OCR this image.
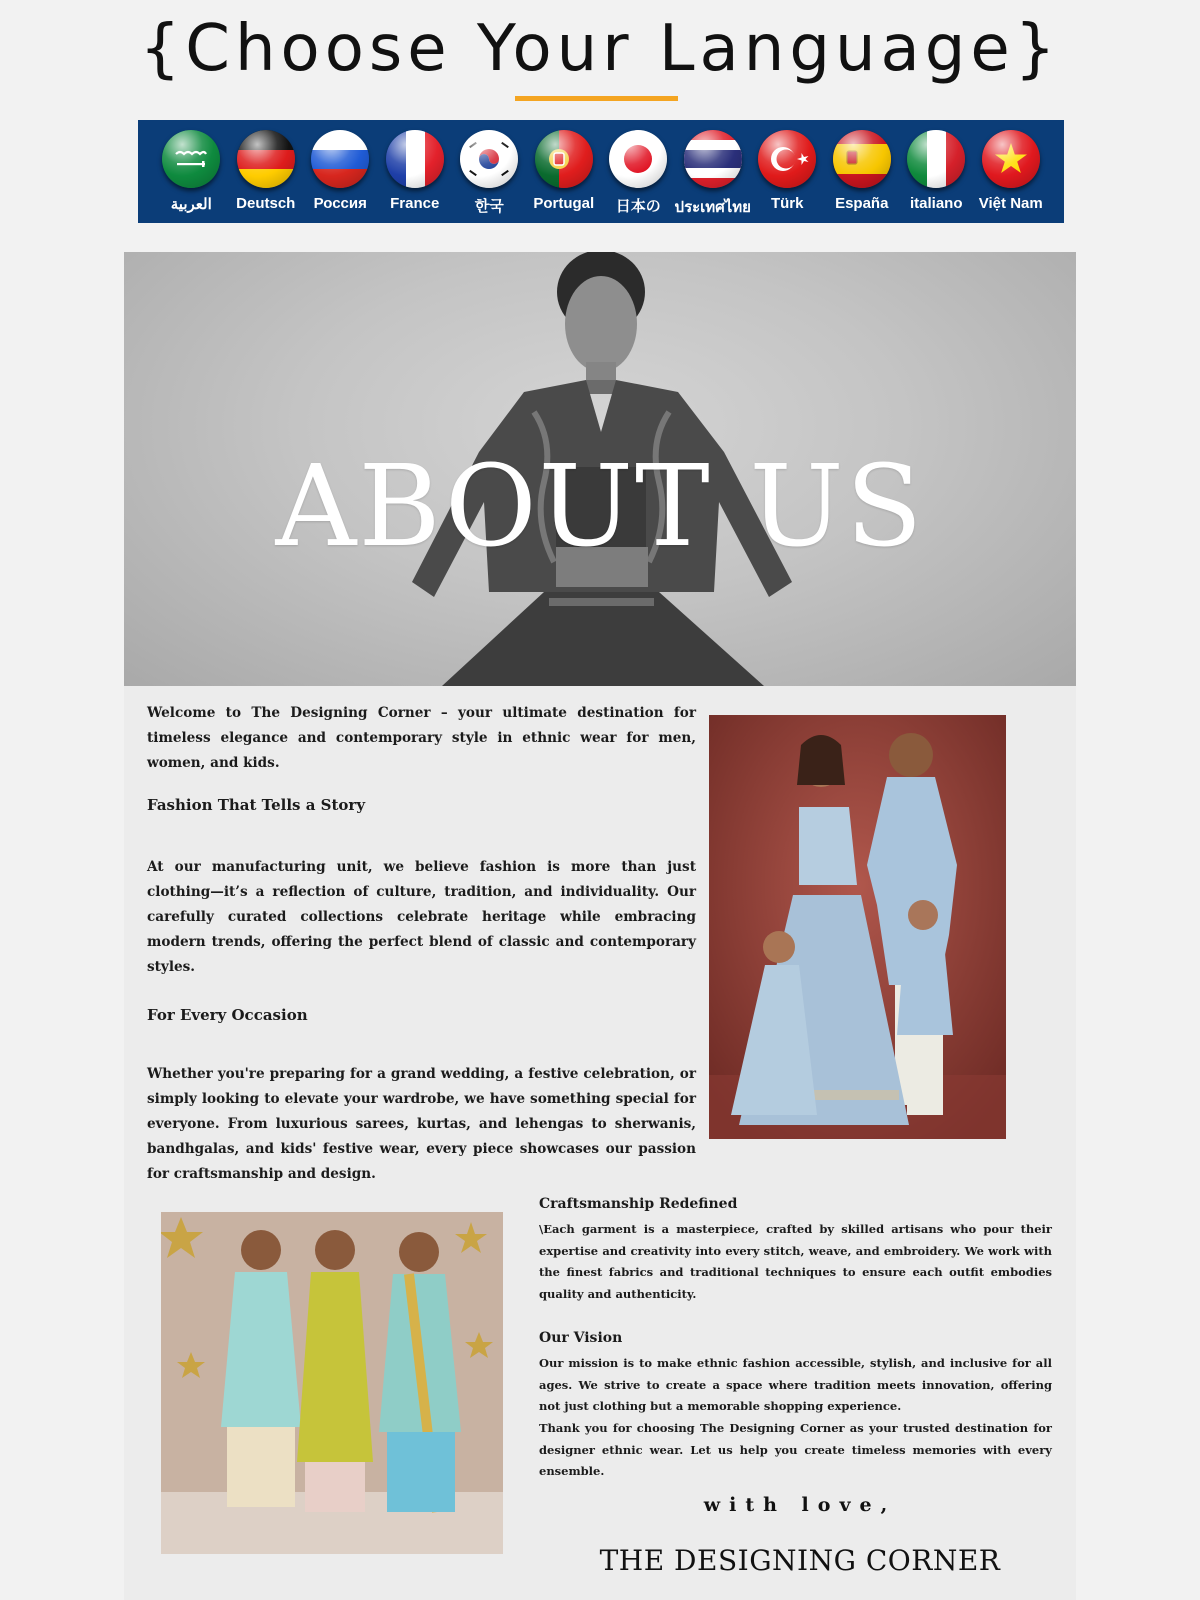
{Choose Your Language}
العربية Deutsch Россия France 한국 Portugal 日本の ประเทศไทย Türk España italiano Việt Nam
ABOUT US
Welcome to The Designing Corner – your ultimate destination for timeless elegance and contemporary style in ethnic wear for men, women, and kids.
Fashion That Tells a Story
At our manufacturing unit, we believe fashion is more than just clothing—it’s a reflection of culture, tradition, and individuality. Our carefully curated collections celebrate heritage while embracing modern trends, offering the perfect blend of classic and contemporary styles.
For Every Occasion
Whether you're preparing for a grand wedding, a festive celebration, or simply looking to elevate your wardrobe, we have something special for everyone. From luxurious sarees, kurtas, and lehengas to sherwanis, bandhgalas, and kids' festive wear, every piece showcases our passion for craftsmanship and design.
Craftsmanship Redefined
\Each garment is a masterpiece, crafted by skilled artisans who pour their expertise and creativity into every stitch, weave, and embroidery. We work with the finest fabrics and traditional techniques to ensure each outfit embodies quality and authenticity.
Our Vision
Our mission is to make ethnic fashion accessible, stylish, and inclusive for all ages. We strive to create a space where tradition meets innovation, offering not just clothing but a memorable shopping experience.
Thank you for choosing The Designing Corner as your trusted destination for designer ethnic wear. Let us help you create timeless memories with every ensemble.
with love,
THE DESIGNING CORNER
